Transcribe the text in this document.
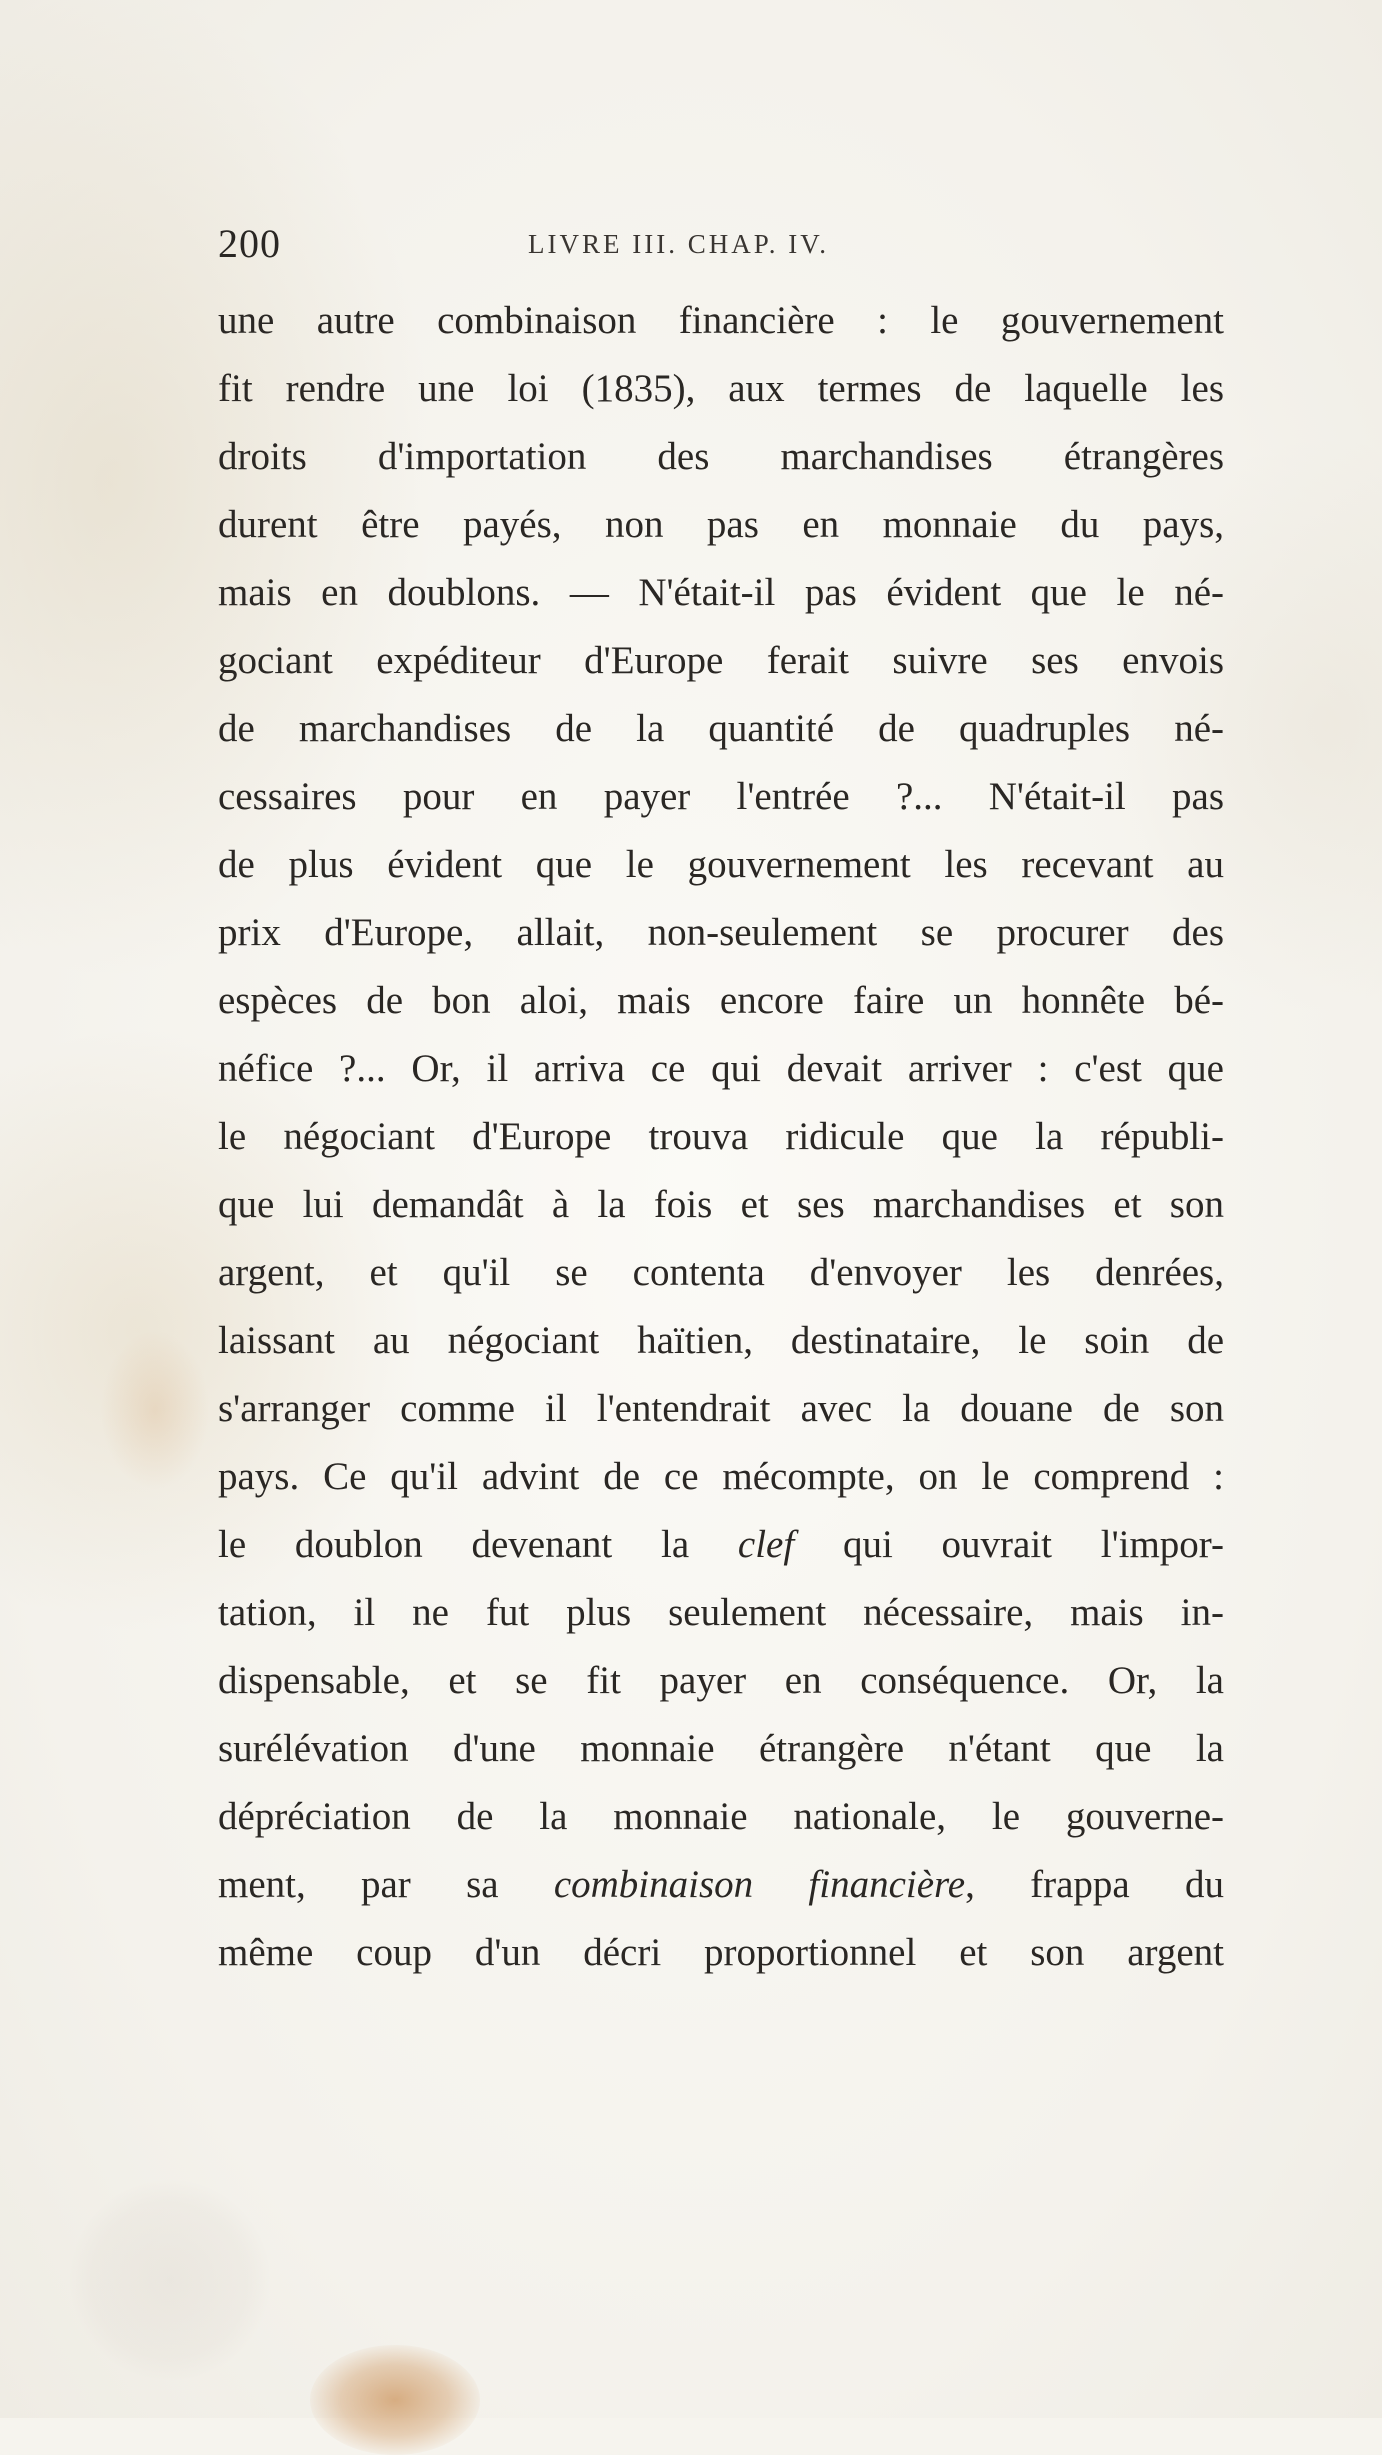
200	LIVRE III. CHAP. IV.
une autre combinaison financière : le gouvernement
fit rendre une loi (1835), aux termes de laquelle les
droits d'importation des marchandises étrangères
durent être payés, non pas en monnaie du pays,
mais en doublons. — N'était-il pas évident que le né-
gociant expéditeur d'Europe ferait suivre ses envois
de marchandises de la quantité de quadruples né-
cessaires pour en payer l'entrée ?... N'était-il pas
de plus évident que le gouvernement les recevant au
prix d'Europe, allait, non-seulement se procurer des
espèces de bon aloi, mais encore faire un honnête bé-
néfice ?... Or, il arriva ce qui devait arriver : c'est que
le négociant d'Europe trouva ridicule que la républi-
que lui demandât à la fois et ses marchandises et son
argent, et qu'il se contenta d'envoyer les denrées,
laissant au négociant haïtien, destinataire, le soin de
s'arranger comme il l'entendrait avec la douane de son
pays. Ce qu'il advint de ce mécompte, on le comprend :
le doublon devenant la clef qui ouvrait l'impor-
tation, il ne fut plus seulement nécessaire, mais in-
dispensable, et se fit payer en conséquence. Or, la
surélévation d'une monnaie étrangère n'étant que la
dépréciation de la monnaie nationale, le gouverne-
ment, par sa combinaison financière, frappa du
même coup d'un décri proportionnel et son argent
